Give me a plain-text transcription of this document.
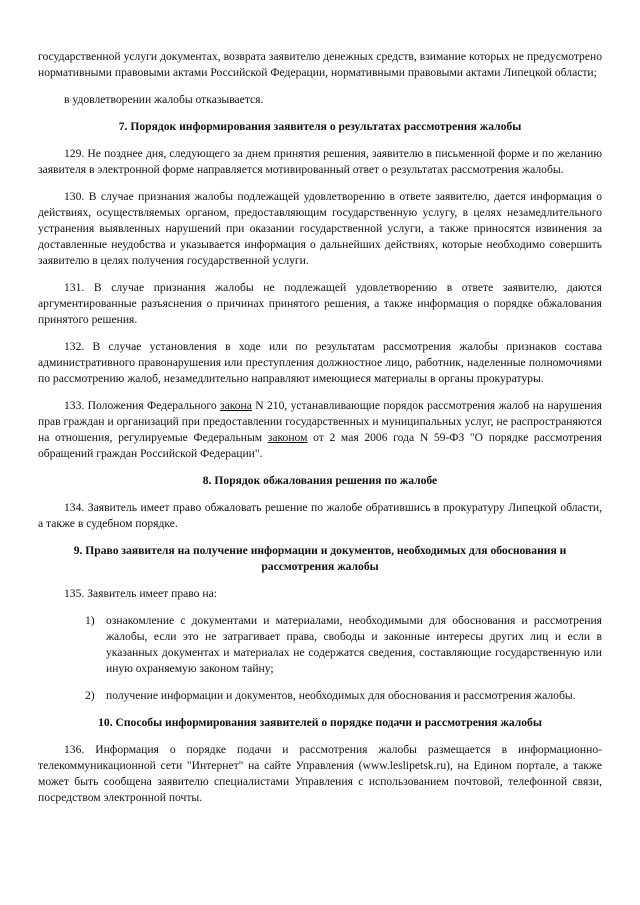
государственной услуги документах, возврата заявителю денежных средств, взимание которых не предусмотрено нормативными правовыми актами Российской Федерации, нормативными правовыми актами Липецкой области;

в удовлетворении жалобы отказывается.

7. Порядок информирования заявителя о результатах рассмотрения жалобы

129. Не позднее дня, следующего за днем принятия решения, заявителю в письменной форме и по желанию заявителя в электронной форме направляется мотивированный ответ о результатах рассмотрения жалобы.

130. В случае признания жалобы подлежащей удовлетворению в ответе заявителю, дается информация о действиях, осуществляемых органом, предоставляющим государственную услугу, в целях незамедлительного устранения выявленных нарушений при оказании государственной услуги, а также приносятся извинения за доставленные неудобства и указывается информация о дальнейших действиях, которые необходимо совершить заявителю в целях получения государственной услуги.

131. В случае признания жалобы не подлежащей удовлетворению в ответе заявителю, даются аргументированные разъяснения о причинах принятого решения, а также информация о порядке обжалования принятого решения.

132. В случае установления в ходе или по результатам рассмотрения жалобы признаков состава административного правонарушения или преступления должностное лицо, работник, наделенные полномочиями по рассмотрению жалоб, незамедлительно направляют имеющиеся материалы в органы прокуратуры.

133. Положения Федерального закона N 210, устанавливающие порядок рассмотрения жалоб на нарушения прав граждан и организаций при предоставлении государственных и муниципальных услуг, не распространяются на отношения, регулируемые Федеральным законом от 2 мая 2006 года N 59-ФЗ "О порядке рассмотрения обращений граждан Российской Федерации".

8. Порядок обжалования решения по жалобе

134. Заявитель имеет право обжаловать решение по жалобе обратившись в прокуратуру Липецкой области, а также в судебном порядке.

9. Право заявителя на получение информации и документов, необходимых для обоснования и рассмотрения жалобы

135. Заявитель имеет право на:

1) ознакомление с документами и материалами, необходимыми для обоснования и рассмотрения жалобы, если это не затрагивает права, свободы и законные интересы других лиц и если в указанных документах и материалах не содержатся сведения, составляющие государственную или иную охраняемую законом тайну;
2) получение информации и документов, необходимых для обоснования и рассмотрения жалобы.
10. Способы информирования заявителей о порядке подачи и рассмотрения жалобы

136. Информация о порядке подачи и рассмотрения жалобы размещается в информационно-телекоммуникационной сети "Интернет" на сайте Управления (www.leslipetsk.ru), на Едином портале, а также может быть сообщена заявителю специалистами Управления с использованием почтовой, телефонной связи, посредством электронной почты.
